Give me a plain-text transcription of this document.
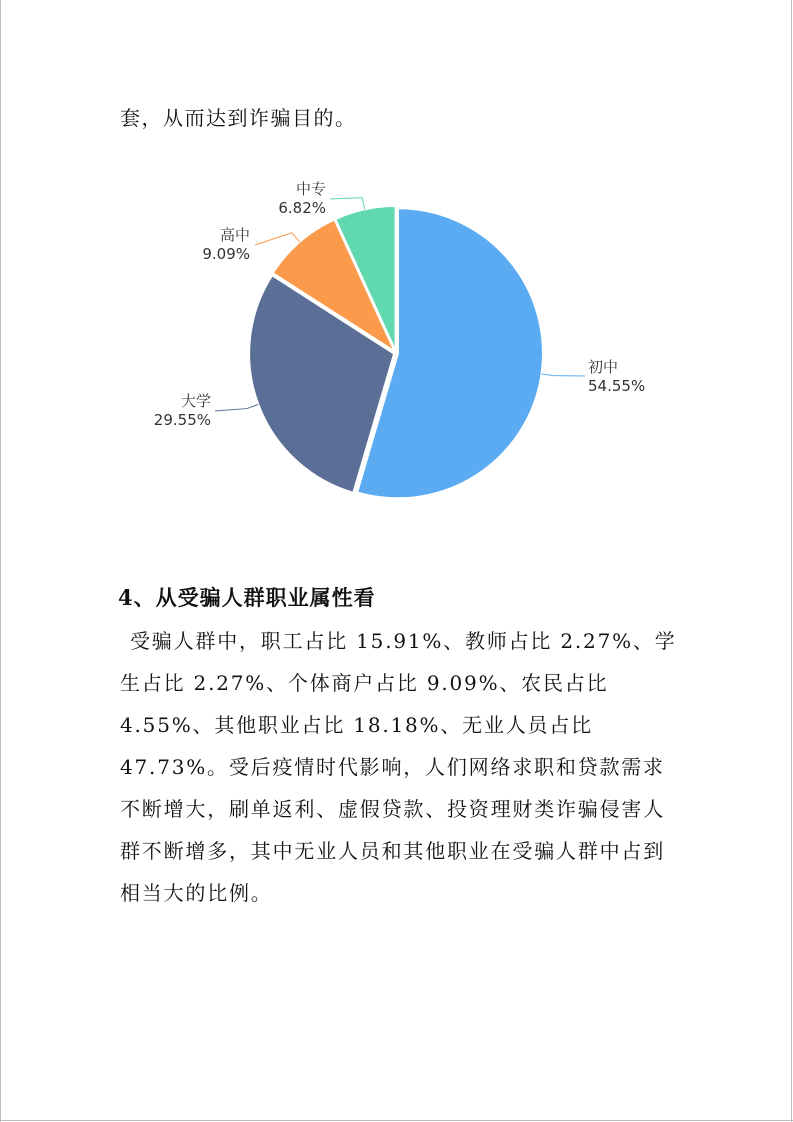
套，从而达到诈骗目的。
初中
54.55%
大学
29.55%
高中
9.09%
中专
6.82%
4、从受骗人群职业属性看

受骗人群中，职工占比 15.91%、教师占比 2.27%、学生占比 2.27%、个体商户占比 9.09%、农民占比 4.55%、其他职业占比 18.18%、无业人员占比 47.73%。受后疫情时代影响，人们网络求职和贷款需求不断增大，刷单返利、虚假贷款、投资理财类诈骗侵害人群不断增多，其中无业人员和其他职业在受骗人群中占到相当大的比例。
